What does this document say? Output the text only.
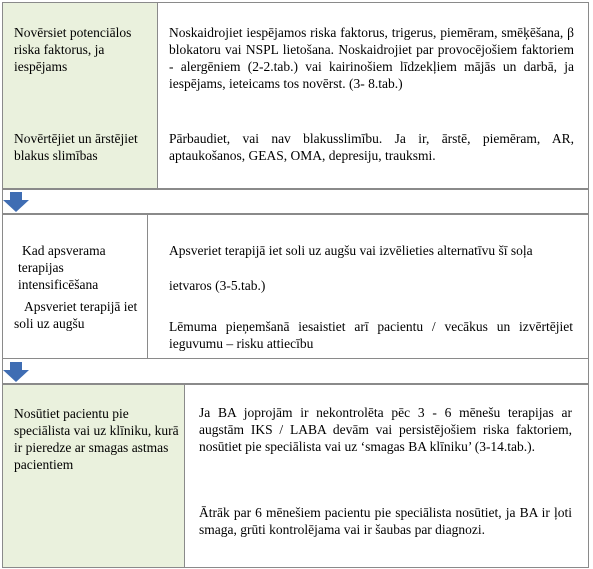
Novērsiet potenciālos riska faktorus, ja iespējams
Novērtējiet un ārstējiet blakus slimības
Noskaidrojiet iespējamos riska faktorus, trigerus, piemēram, smēķēšana, β blokatoru vai NSPL lietošana. Noskaidrojiet par provocējošiem faktoriem - alergēniem (2-2.tab.) vai kairinošiem līdzekļiem mājās un darbā, ja iespējams, ieteicams tos novērst. (3- 8.tab.)
Pārbaudiet, vai nav blakusslimību. Ja ir, ārstē, piemēram, AR, aptaukošanos, GEAS, OMA, depresiju, trauksmi.
Kad apsverama terapijas intensificēšana
Apsveriet terapijā iet soli uz augšu
Apsveriet terapijā iet soli uz augšu vai izvēlieties alternatīvu šī soļa
ietvaros (3-5.tab.)
Lēmuma pieņemšanā iesaistiet arī pacientu / vecākus un izvērtējiet ieguvumu – risku attiecību
Nosūtiet pacientu pie speciālista vai uz klīniku, kurā ir pieredze ar smagas astmas pacientiem
Ja BA joprojām ir nekontrolēta pēc 3 - 6 mēnešu terapijas ar augstām IKS / LABA devām vai persistējošiem riska faktoriem, nosūtiet pie speciālista vai uz ‘smagas BA klīniku’ (3-14.tab.).
Ātrāk par 6 mēnešiem pacientu pie speciālista nosūtiet, ja BA ir ļoti smaga, grūti kontrolējama vai ir šaubas par diagnozi.
